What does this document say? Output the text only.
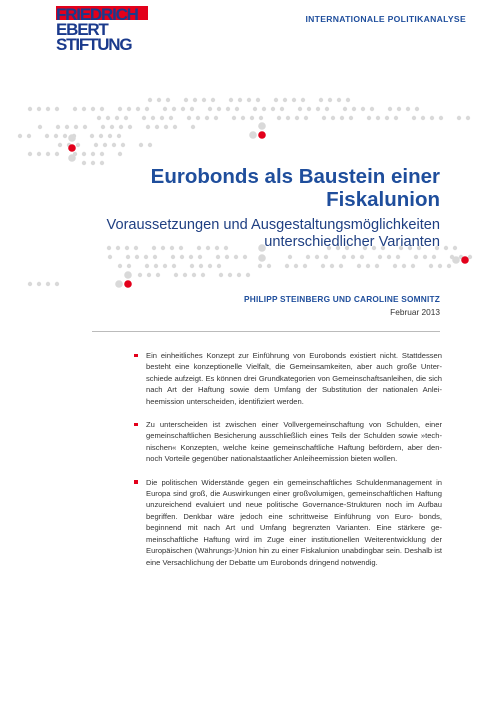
FRIEDRICH
EBERT
STIFTUNG
INTERNATIONALE POLITIKANALYSE
Eurobonds als Baustein einer
Fiskalunion
Voraussetzungen und Ausgestaltungsmöglichkeiten
unterschiedlicher Varianten
PHILIPP STEINBERG UND CAROLINE SOMNITZ
Februar 2013
Ein einheitliches Konzept zur Einführung von Eurobonds existiert nicht. Stattdessen besteht eine konzeptionelle Vielfalt, die Gemeinsamkeiten, aber auch große Unter- schiede aufzeigt. Es können drei Grundkategorien von Gemeinschaftsanleihen, die sich nach Art der Haftung sowie dem Umfang der Substitution der nationalen Anlei- heemission unterscheiden, identifiziert werden.
Zu unterscheiden ist zwischen einer Vollvergemeinschaftung von Schulden, einer gemeinschaftlichen Besicherung ausschließlich eines Teils der Schulden sowie »tech- nischen« Konzepten, welche keine gemeinschaftliche Haftung befördern, aber den- noch Vorteile gegenüber nationalstaatlicher Anleiheemission bieten wollen.
Die politischen Widerstände gegen ein gemeinschaftliches Schuldenmanagement in Europa sind groß, die Auswirkungen einer großvolumigen, gemeinschaftlichen Haftung unzureichend evaluiert und neue politische Governance-Strukturen noch im Aufbau begriffen. Denkbar wäre jedoch eine schrittweise Einführung von Euro- bonds, beginnend mit nach Art und Umfang begrenzten Varianten. Eine stärkere ge- meinschaftliche Haftung wird im Zuge einer institutionellen Weiterentwicklung der Europäischen (Währungs-)Union hin zu einer Fiskalunion unabdingbar sein. Deshalb ist eine Versachlichung der Debatte um Eurobonds dringend notwendig.
